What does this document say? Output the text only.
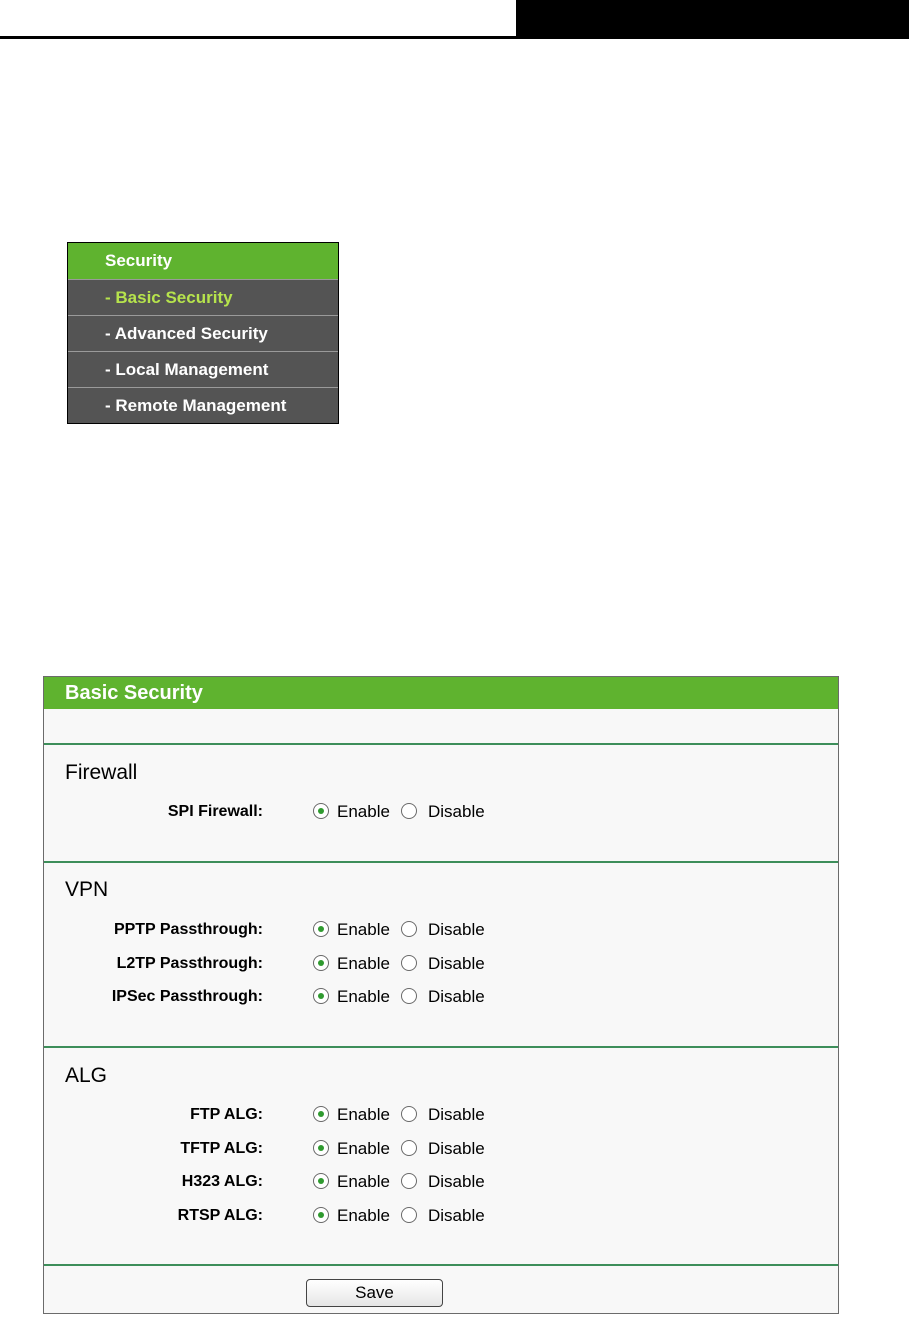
Security
- Basic Security
- Advanced Security
- Local Management
- Remote Management
Basic Security
Firewall
SPI Firewall:	Enable Disable
VPN
PPTP Passthrough:	Enable Disable
L2TP Passthrough:	Enable Disable
IPSec Passthrough:	Enable Disable
ALG
FTP ALG:	Enable Disable
TFTP ALG:	Enable Disable
H323 ALG:	Enable Disable
RTSP ALG:	Enable Disable
Save
